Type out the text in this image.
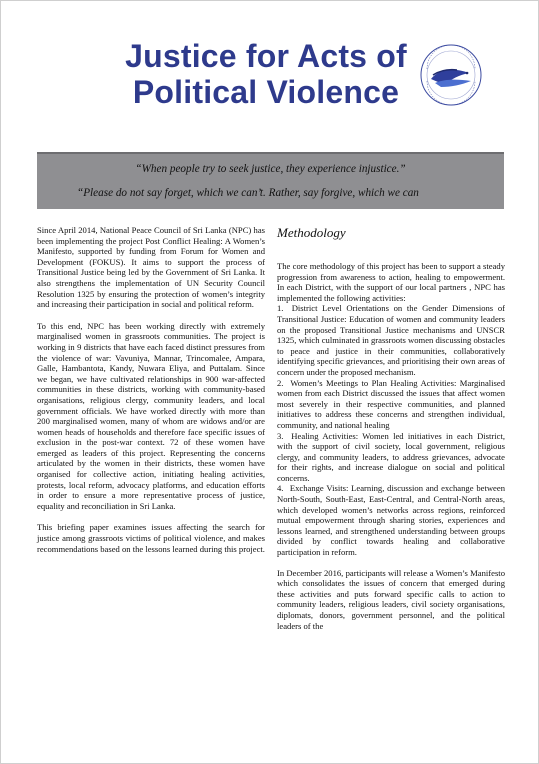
Justice for Acts of
Political Violence
“When people try to seek justice, they experience injustice.”
“Please do not say forget, which we can’t. Rather, say forgive, which we can

Since April 2014, National Peace Council of Sri Lanka (NPC) has been implementing the project Post Conflict Healing: A Women’s Manifesto, supported by funding from Forum for Women and Development (FOKUS). It aims to support the process of Transitional Justice being led by the Government of Sri Lanka. It also strengthens the implementation of UN Security Council Resolution 1325 by ensuring the protection of women’s integrity and increasing their participation in social and political reform.

To this end, NPC has been working directly with extremely marginalised women in grassroots communities. The project is working in 9 districts that have each faced distinct pressures from the violence of war: Vavuniya, Mannar, Trincomalee, Ampara, Galle, Hambantota, Kandy, Nuwara Eliya, and Puttalam. Since we began, we have cultivated relationships in 900 war-affected communities in these districts, working with community-based organisations, religious clergy, community leaders, and local government officials. We have worked directly with more than 200 marginalised women, many of whom are widows and/or are women heads of households and therefore face specific issues of exclusion in the post-war context. 72 of these women have emerged as leaders of this project. Representing the concerns articulated by the women in their districts, these women have organised for collective action, initiating healing activities, protests, local reform, advocacy platforms, and education efforts in order to ensure a more representative process of justice, equality and reconciliation in Sri Lanka.

This briefing paper examines issues affecting the search for justice among grassroots victims of political violence, and makes recommendations based on the lessons learned during this project.

Methodology

The core methodology of this project has been to support a steady progression from awareness to action, healing to empowerment. In each District, with the support of our local partners , NPC has implemented the following activities:

1. District Level Orientations on the Gender Dimensions of Transitional Justice: Education of women and community leaders on the proposed Transitional Justice mechanisms and UNSCR 1325, which culminated in grassroots women discussing obstacles to peace and justice in their communities, collaboratively identifying specific grievances, and prioritising their own areas of concern under the proposed mechanism.
2. Women’s Meetings to Plan Healing Activities: Marginalised women from each District discussed the issues that affect women most severely in their respective communities, and planned initiatives to address these concerns and strengthen individual, community, and national healing
3. Healing Activities: Women led initiatives in each District, with the support of civil society, local government, religious clergy, and community leaders, to address grievances, advocate for their rights, and increase dialogue on social and political concerns.
4. Exchange Visits: Learning, discussion and exchange between North-South, South-East, East-Central, and Central-North areas, which developed women’s networks across regions, reinforced mutual empowerment through sharing stories, experiences and lessons learned, and strengthened understanding between groups divided by conflict towards healing and collaborative participation in reform.

In December 2016, participants will release a Women’s Manifesto which consolidates the issues of concern that emerged during these activities and puts forward specific calls to action to community leaders, religious leaders, civil society organisations, diplomats, donors, government personnel, and the political leaders of the
